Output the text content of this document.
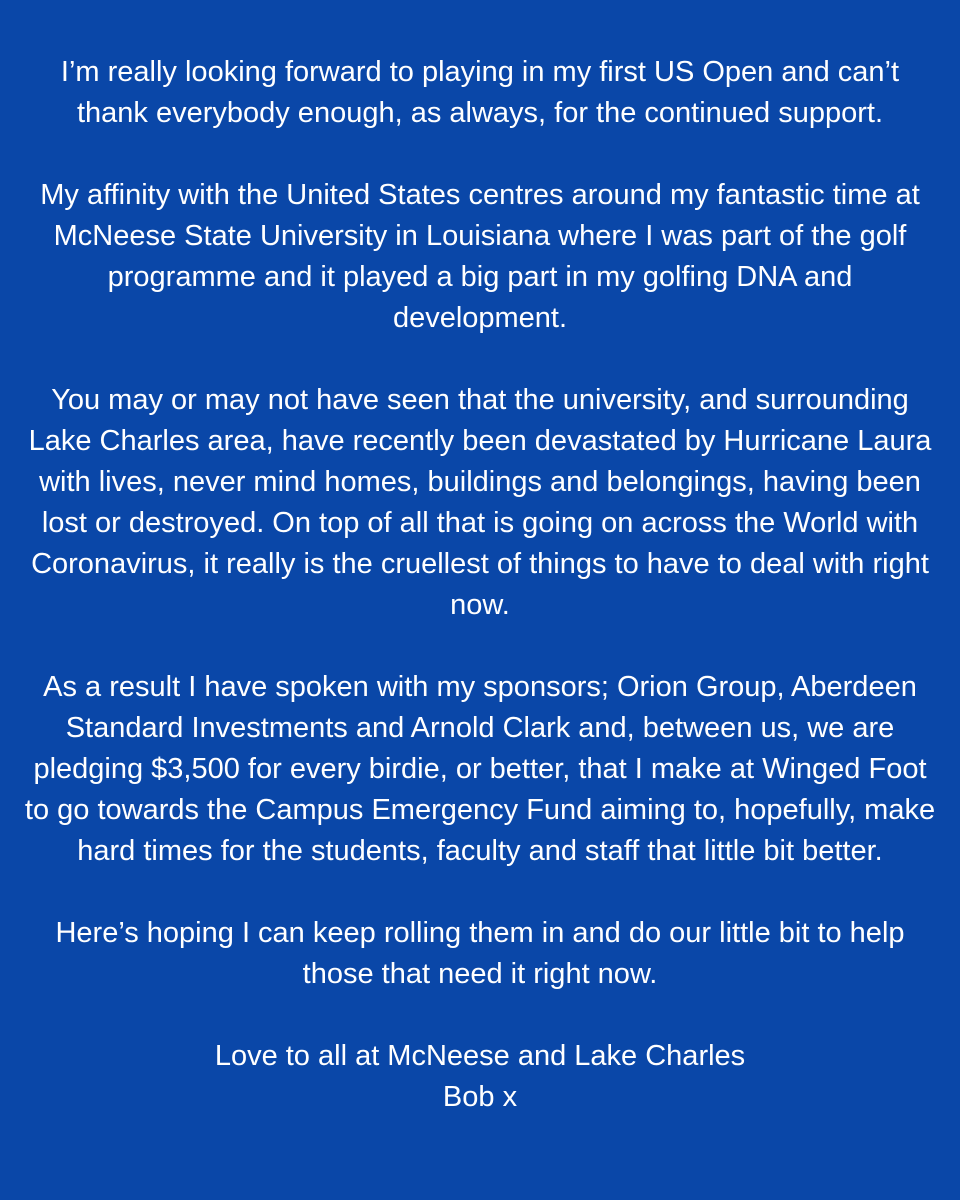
I’m really looking forward to playing in my first US Open and can’t thank everybody enough, as always, for the continued support.

My affinity with the United States centres around my fantastic time at McNeese State University in Louisiana where I was part of the golf programme and it played a big part in my golfing DNA and development.

You may or may not have seen that the university, and surrounding Lake Charles area, have recently been devastated by Hurricane Laura with lives, never mind homes, buildings and belongings, having been lost or destroyed. On top of all that is going on across the World with Coronavirus, it really is the cruellest of things to have to deal with right now.

As a result I have spoken with my sponsors; Orion Group, Aberdeen Standard Investments and Arnold Clark and, between us, we are pledging $3,500 for every birdie, or better, that I make at Winged Foot to go towards the Campus Emergency Fund aiming to, hopefully, make hard times for the students, faculty and staff that little bit better.

Here’s hoping I can keep rolling them in and do our little bit to help those that need it right now.

Love to all at McNeese and Lake Charles

Bob x
